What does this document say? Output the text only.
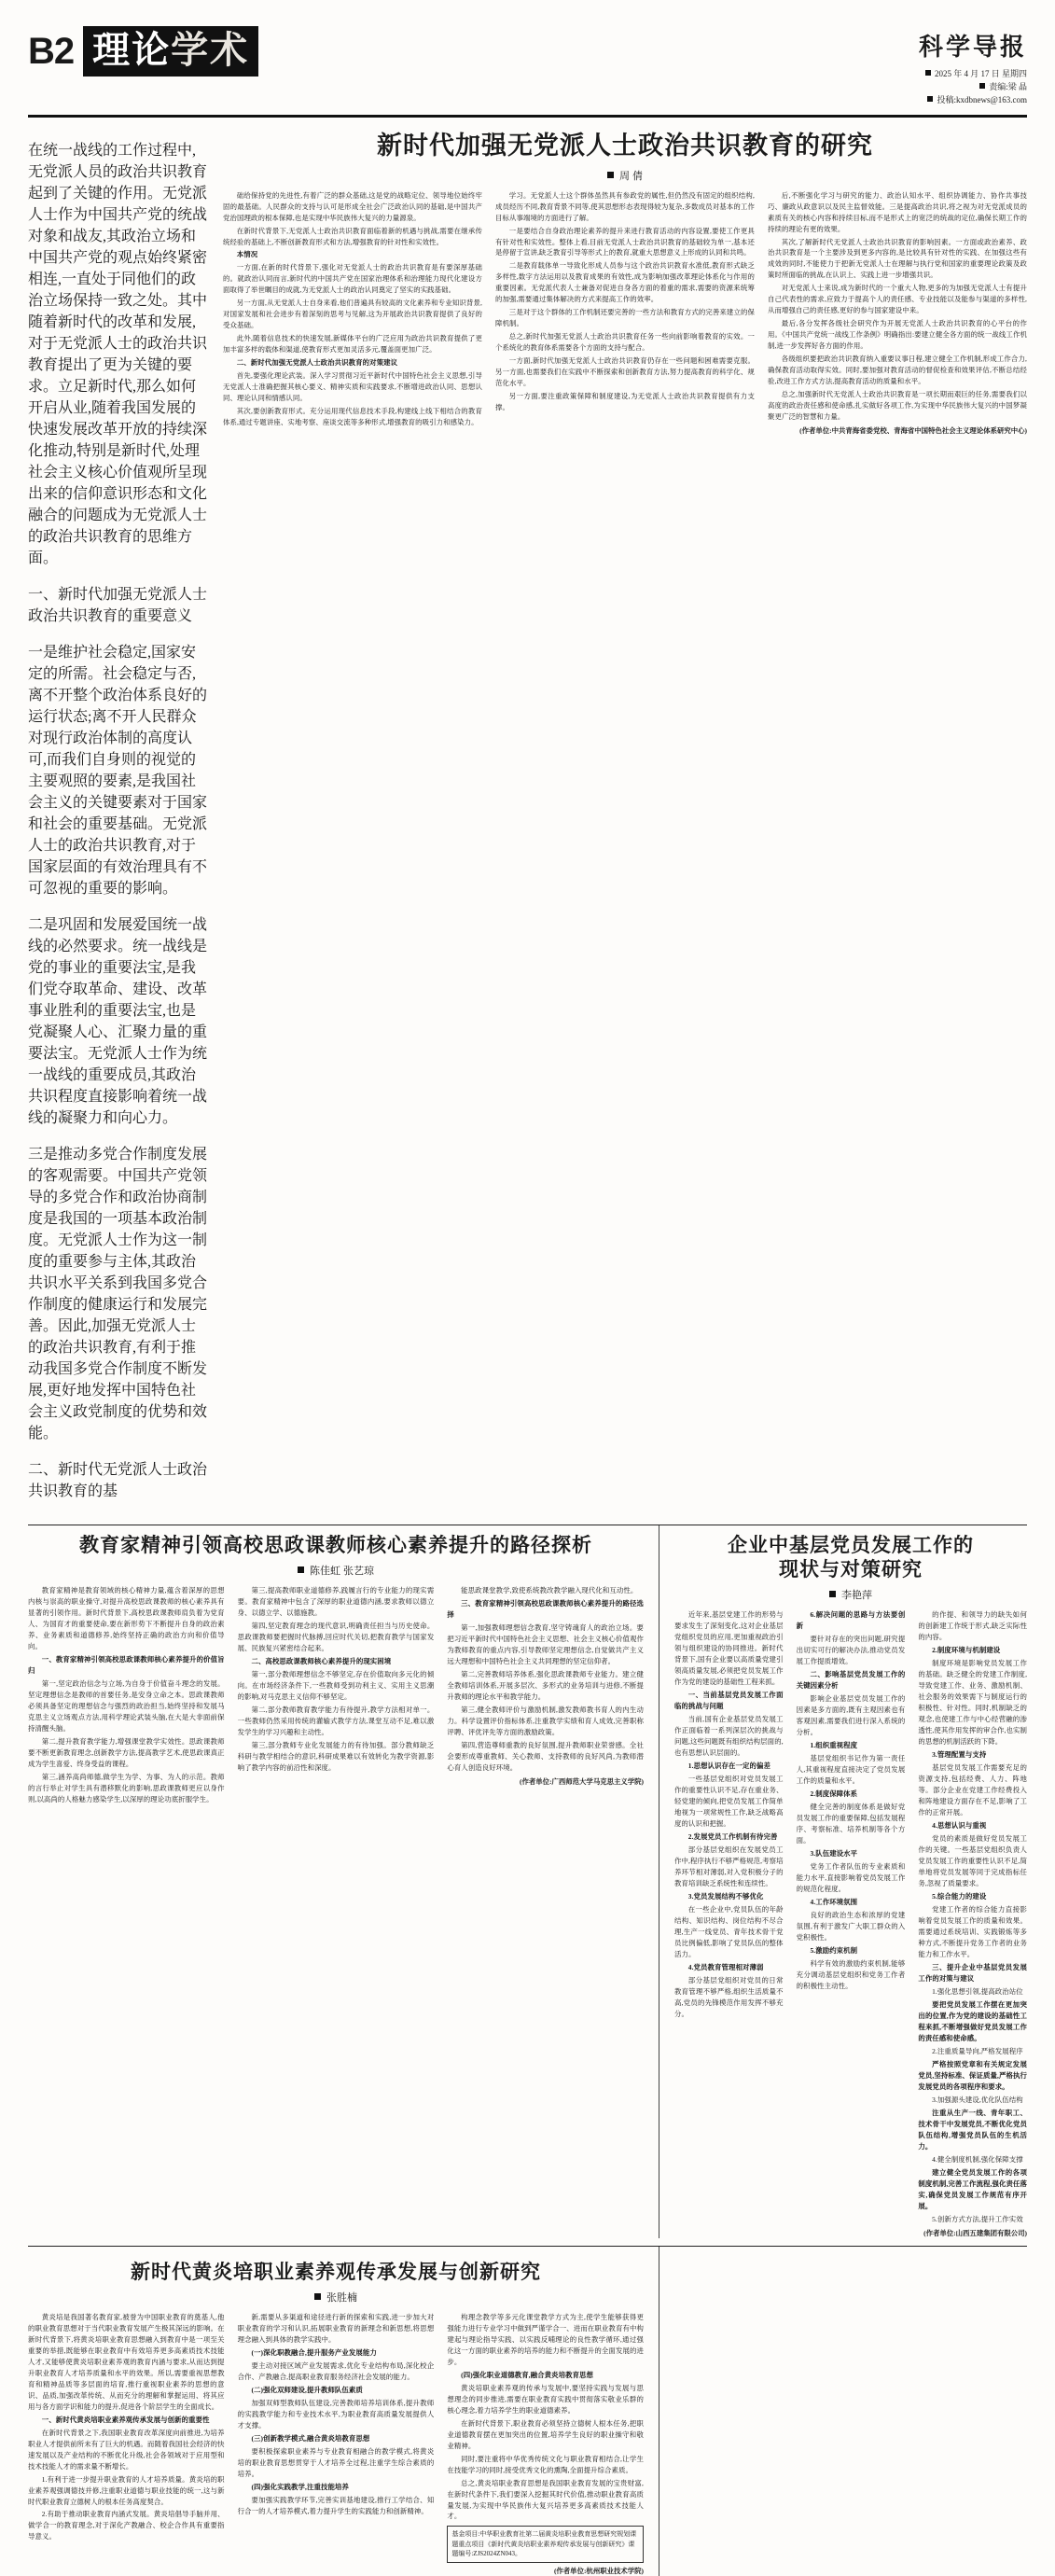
B2 理论学术	科学导报
2025 年 4 月 17 日 星期四
责编:梁 晶
投稿:kxdbnews@163.com

在统一战线的工作过程中,无党派人员的政治共识教育起到了关键的作用。无党派人士作为中国共产党的统战对象和战友,其政治立场和中国共产党的观点始终紧密相连,一直处于同他们的政治立场保持一致之处。其中随着新时代的改革和发展,对于无党派人士的政治共识教育提出了更为关键的要求。立足新时代,那么如何开启从业,随着我国发展的快速发展改革开放的持续深化推动,特别是新时代,处理社会主义核心价值观所呈现出来的信仰意识形态和文化融合的问题成为无党派人士的政治共识教育的思维方面。

一、新时代加强无党派人士政治共识教育的重要意义

一是维护社会稳定,国家安定的所需。社会稳定与否,离不开整个政治体系良好的运行状态;离不开人民群众对现行政治体制的高度认可,而我们自身则的视觉的主要观照的要素,是我国社会主义的关键要素对于国家和社会的重要基础。无党派人士的政治共识教育,对于国家层面的有效治理具有不可忽视的重要的影响。

二是巩固和发展爱国统一战线的必然要求。统一战线是党的事业的重要法宝,是我们党夺取革命、建设、改革事业胜利的重要法宝,也是党凝聚人心、汇聚力量的重要法宝。无党派人士作为统一战线的重要成员,其政治共识程度直接影响着统一战线的凝聚力和向心力。

三是推动多党合作制度发展的客观需要。中国共产党领导的多党合作和政治协商制度是我国的一项基本政治制度。无党派人士作为这一制度的重要参与主体,其政治共识水平关系到我国多党合作制度的健康运行和发展完善。因此,加强无党派人士的政治共识教育,有利于推动我国多党合作制度不断发展,更好地发挥中国特色社会主义政党制度的优势和效能。

二、新时代无党派人士政治共识教育的基

新时代加强无党派人士政治共识教育的研究
周 倩

础给保持党的先进性,有着广泛的群众基础,这是党的战略定位、领导地位始终牢固的最基础。人民群众的支持与认可是形成全社会广泛政治认同的基础,是中国共产党治国理政的根本保障,也是实现中华民族伟大复兴的力量源泉。

在新时代背景下,无党派人士政治共识教育面临着新的机遇与挑战,需要在继承传统经验的基础上,不断创新教育形式和方法,增强教育的针对性和实效性。

本情况

一方面,在新的时代背景下,强化对无党派人士的政治共识教育是有要深厚基础的。就政治认同而言,新时代的中国共产党在国家治理体系和治理能力现代化建设方面取得了举世瞩目的成就,为无党派人士的政治认同奠定了坚实的实践基础。

另一方面,从无党派人士自身来看,他们普遍具有较高的文化素养和专业知识背景,对国家发展和社会进步有着深刻的思考与见解,这为开展政治共识教育提供了良好的受众基础。

此外,随着信息技术的快速发展,新媒体平台的广泛应用为政治共识教育提供了更加丰富多样的载体和渠道,使教育形式更加灵活多元,覆盖面更加广泛。

二、新时代加强无党派人士政治共识教育的对策建议

首先,要强化理论武装。深入学习贯彻习近平新时代中国特色社会主义思想,引导无党派人士准确把握其核心要义、精神实质和实践要求,不断增进政治认同、思想认同、理论认同和情感认同。

其次,要创新教育形式。充分运用现代信息技术手段,构建线上线下相结合的教育体系,通过专题讲座、实地考察、座谈交流等多种形式,增强教育的吸引力和感染力。

学习。无党派人士这个群体虽然具有参政党的属性,但仍然没有固定的组织结构,成员经历不同,教育背景不同等,使其思想形态表现得较为复杂,多数成员对基本的工作目标从事端境的方面进行了解。

一是要结合自身政治理论素养的提升来进行教育活动的内容设置,要使工作更具有针对性和实效性。整体上看,目前无党派人士政治共识教育的基础较为单一,基本还是停留于宣讲,缺乏教育引导等形式上的教育,就重大思想意义上形成的认同和共鸣。

二是教育载体单一导致化形成人员参与这个政治共识教育水准低,教育形式缺乏多样性,数字方法运用以及教育成果的有效性,成为影响加强改革理论体系化与作用的重要因素。无党派代表人士兼备对促进自身各方面的着重的需求,需要的资源来统筹的加强,需要通过集体解决的方式来提高工作的效率。

三是对于这个群体的工作机制还要完善的一些方法和教育方式的完善来建立的保障机制。

总之,新时代加强无党派人士政治共识教育任务一些向前影响着教育的实效。一个系统化的教育体系需要各个方面的支持与配合。

一方面,新时代加强无党派人士政治共识教育仍存在一些问题和困难需要克服。另一方面,也需要我们在实践中不断探索和创新教育方法,努力提高教育的科学化、规范化水平。

另一方面,要注重政策保障和制度建设,为无党派人士政治共识教育提供有力支撑。

后,不断强化学习与研究的能力、政治认知水平、组织协调能力、协作共事技巧、廉政从政意识以及民主监督效能。三是提高政治共识,将之视为对无党派成员的素质有关的核心内容和持续目标,而不是形式上的宽泛的统战的定位,确保长期工作的持续的理论有更的效果。

其次,了解新时代无党派人士政治共识教育的影响因素。一方面或政治素养、政治共识教育是一个主要涉及到更多内容的,是比较具有针对性的实践、在加强这些有成效的同时,不能使力于把新无党派人士在理解与执行党和国家的重要理论政策及政策时所面临的挑战,在认识上、实践上进一步增强共识。

对无党派人士来说,成为新时代的一个重大人物,更多的为加强无党派人士有提升自己代表性的需求,应致力于提高个人的责任感、专业技能以及能参与渠道的多样性,从而增强自己的责任感,更好的参与国家建设中来。

最后,各分发挥各级社会研究作为开展无党派人士政治共识教育的心平台的作用。《中国共产党统一战线工作条例》明确指出:要建立健全各方面的统一战线工作机制,进一步发挥好各方面的作用。

各级组织要把政治共识教育纳入重要议事日程,建立健全工作机制,形成工作合力,确保教育活动取得实效。同时,要加强对教育活动的督促检查和效果评估,不断总结经验,改进工作方式方法,提高教育活动的质量和水平。

总之,加强新时代无党派人士政治共识教育是一项长期而艰巨的任务,需要我们以高度的政治责任感和使命感,扎实做好各项工作,为实现中华民族伟大复兴的中国梦凝聚更广泛的智慧和力量。

(作者单位:中共青海省委党校、青海省中国特色社会主义理论体系研究中心)
教育家精神引领高校思政课教师核心素养提升的路径探析
陈佳虹 张艺琼

教育家精神是教育领域的核心精神力量,蕴含着深厚的思想内核与崇高的职业操守,对提升高校思政课教师的核心素养具有显著的引领作用。新时代背景下,高校思政课教师肩负着为党育人、为国育才的重要使命,要在新形势下不断提升自身的政治素养、业务素质和道德修养,始终坚持正确的政治方向和价值导向。

一、教育家精神引领高校思政课教师核心素养提升的价值旨归

第一,坚定政治信念与立场,为自身于价值奋斗理念的发展。坚定理想信念是教师的首要任务,是安身立命之本。思政课教师必须具备坚定的理想信念与强烈的政治担当,始终坚持和发展马克思主义立场观点方法,用科学理论武装头脑,在大是大非面前保持清醒头脑。

第二,提升教育教学能力,增强课堂教学实效性。思政课教师要不断更新教育理念,创新教学方法,提高教学艺术,使思政课真正成为学生喜爱、终身受益的课程。

第三,涵养高尚师德,做学生为学、为事、为人的示范。教师的言行举止对学生具有潜移默化的影响,思政课教师更应以身作则,以高尚的人格魅力感染学生,以深厚的理论功底折服学生。

第三,提高教师职业道德修养,践履言行的专业能力的现实需要。教育家精神中包含了深厚的职业道德内涵,要求教师以德立身、以德立学、以德施教。

第四,坚定教育理念的现代意识,明确责任担当与历史使命。思政课教师要把握时代脉搏,回应时代关切,把教育教学与国家发展、民族复兴紧密结合起来。

二、高校思政课教师核心素养提升的现实困境

第一,部分教师理想信念不够坚定,存在价值取向多元化的倾向。在市场经济条件下,一些教师受到功利主义、实用主义思潮的影响,对马克思主义信仰不够坚定。

第二,部分教师教育教学能力有待提升,教学方法相对单一。一些教师仍然采用传统的灌输式教学方法,课堂互动不足,难以激发学生的学习兴趣和主动性。

第三,部分教师专业化发展能力的有待加强。部分教师缺乏科研与教学相结合的意识,科研成果难以有效转化为教学资源,影响了教学内容的前沿性和深度。

能思政课堂教学,致使系统教改教学融入现代化和互动性。

三、教育家精神引领高校思政课教师核心素养提升的路径选择

第一,加强教师理想信念教育,坚守铸魂育人的政治立场。要把习近平新时代中国特色社会主义思想、社会主义核心价值观作为教师教育的重点内容,引导教师坚定理想信念,自觉做共产主义远大理想和中国特色社会主义共同理想的坚定信仰者。

第二,完善教师培养体系,强化思政课教师专业能力。建立健全教师培训体系,开展多层次、多形式的业务培训与进修,不断提升教师的理论水平和教学能力。

第三,健全教师评价与激励机制,激发教师教书育人的内生动力。科学设置评价指标体系,注重教学实绩和育人成效,完善职称评聘、评优评先等方面的激励政策。

第四,营造尊师重教的良好氛围,提升教师职业荣誉感。全社会要形成尊重教师、关心教师、支持教师的良好风尚,为教师潜心育人创造良好环境。

(作者单位:广西师范大学马克思主义学院)
企业中基层党员发展工作的
现状与对策研究
李艳萍

近年来,基层党建工作的形势与要求发生了深刻变化,这对企业基层党组织党员的应用,更加重视政治引领与组织建设的协同推进。新时代背景下,国有企业要以高质量党建引领高质量发展,必须把党员发展工作作为党的建设的基础性工程来抓。

一、当前基层党员发展工作面临的挑战与问题

当前,国有企业基层党员发展工作正面临着一系列深层次的挑战与问题,这些问题既有组织结构层面的,也有思想认识层面的。

1.思想认识存在一定的偏差

一些基层党组织对党员发展工作的重要性认识不足,存在重业务、轻党建的倾向,把党员发展工作简单地视为一项常规性工作,缺乏战略高度的认识和把握。

2.发展党员工作机制有待完善

部分基层党组织在发展党员工作中,程序执行不够严格规范,考察培养环节相对薄弱,对入党积极分子的教育培训缺乏系统性和连续性。

3.党员发展结构不够优化

在一些企业中,党员队伍的年龄结构、知识结构、岗位结构不尽合理,生产一线党员、青年技术骨干党员比例偏低,影响了党员队伍的整体活力。

4.党员教育管理相对薄弱

部分基层党组织对党员的日常教育管理不够严格,组织生活质量不高,党员的先锋模范作用发挥不够充分。

6.解决问题的思路与方法要创新

要针对存在的突出问题,研究提出切实可行的解决办法,推动党员发展工作提质增效。

二、影响基层党员发展工作的关键因素分析

影响企业基层党员发展工作的因素是多方面的,既有主观因素也有客观因素,需要我们进行深入系统的分析。

1.组织重视程度

基层党组织书记作为第一责任人,其重视程度直接决定了党员发展工作的质量和水平。

2.制度保障体系

健全完善的制度体系是做好党员发展工作的重要保障,包括发展程序、考察标准、培养机制等各个方面。

3.队伍建设水平

党务工作者队伍的专业素质和能力水平,直接影响着党员发展工作的规范化程度。

4.工作环境氛围

良好的政治生态和浓厚的党建氛围,有利于激发广大职工群众的入党积极性。

5.激励约束机制

科学有效的激励约束机制,能够充分调动基层党组织和党务工作者的积极性主动性。

的作提、和领导力的缺失如何的创新建工作统于形式,缺乏实际性的内容。

2.制度环境与机制建设

制度环境是影响党员发展工作的基础。缺乏健全的党建工作制度,导致党建工作、业务、激励机制、社会服务的效果需下与制度运行的积极性、针对性。同时,机制缺乏的观念,也使建工作与中心经营融的渗透性,使其作用发挥的审合作,也实制的思想的机制活跃的下降。

3.管理配置与支持

基层党员发展工作需要充足的资源支持,包括经费、人力、阵地等。部分企业在党建工作经费投入和阵地建设方面存在不足,影响了工作的正常开展。

4.思想认识与重视

党员的素质是做好党员发展工作的关键。一些基层党组织负责人党员发展工作的重要性认识不足,简单地将党员发展等同于完成指标任务,忽视了质量要求。

5.综合能力的建设

党建工作者的综合能力直接影响着党员发展工作的质量和效果。需要通过系统培训、实践锻炼等多种方式,不断提升党务工作者的业务能力和工作水平。

三、提升企业中基层党员发展工作的对策与建议

1.强化思想引领,提高政治站位

要把党员发展工作摆在更加突出的位置,作为党的建设的基础性工程来抓,不断增强做好党员发展工作的责任感和使命感。

2.注重质量导向,严格发展程序

严格按照党章和有关规定发展党员,坚持标准、保证质量,严格执行发展党员的各项程序和要求。

3.加强源头建设,优化队伍结构

注重从生产一线、青年职工、技术骨干中发展党员,不断优化党员队伍结构,增强党员队伍的生机活力。

4.健全制度机制,强化保障支撑

建立健全党员发展工作的各项制度机制,完善工作流程,强化责任落实,确保党员发展工作规范有序开展。

5.创新方式方法,提升工作实效

(作者单位:山西五建集团有限公司)
新时代黄炎培职业素养观传承发展与创新研究
张胜楠

黄炎培是我国著名教育家,被誉为中国职业教育的奠基人,他的职业教育思想对于当代职业教育发展产生极其深远的影响。在新时代背景下,将黄炎培职业教育思想融入到教育中是一项至关重要的举措,既能够在职业教育中有效培养更多高素质技术技能人才,又能够使黄炎培职业素养观的教育内涵与要求,从而达到提升职业教育人才培养质量和水平的效果。所以,需要重视思想教育和精神品质等多层面的培育,推行重视职业素养的思想的意识、品质,加强改革传统、从而充分的理解和掌握运用、将其应用与各方面学识和能力的提升,促进各个阶层学生的全面成长。

一、新时代黄炎培职业素养观传承发展与创新的重要性

在新时代背景之下,我国职业教育改革深度向前推进,为培养职业人才提供前所未有了巨大的机遇。而随着我国社会经济的快速发展以及产业结构的不断优化升级,社会各领域对于应用型和技术技能人才的需求量不断增长。

1.有利于进一步提升职业教育的人才培养质量。黄炎培的职业素养观强调德技并修,注重职业道德与职业技能的统一,这与新时代职业教育立德树人的根本任务高度契合。

2.有助于推动职业教育内涵式发展。黄炎培倡导手脑并用、做学合一的教育理念,对于深化产教融合、校企合作具有重要指导意义。

新,需要从多渠道和途径进行新的探索和实践,进一步加大对职业教育的学习和认识,拓展职业教育的新理念和新思想,将思想理念融入到具体的教学实践中。

(一)深化职教融合,提升服务产业发展能力

要主动对接区域产业发展需求,优化专业结构布局,深化校企合作、产教融合,提高职业教育服务经济社会发展的能力。

(二)强化双师建设,提升教师队伍素质

加强双师型教师队伍建设,完善教师培养培训体系,提升教师的实践教学能力和专业技术水平,为职业教育高质量发展提供人才支撑。

(三)创新教学模式,融合黄炎培教育思想

要积极探索职业素养与专业教育相融合的教学模式,将黄炎培的职业教育思想贯穿于人才培养全过程,注重学生综合素质的培养。

(四)强化实践教学,注重技能培养

要加强实践教学环节,完善实训基地建设,推行工学结合、知行合一的人才培养模式,着力提升学生的实践能力和创新精神。

构理念教学等多元化课堂教学方式为主,使学生能够获得更强能力进行专业学习中做到严谨学合一、进而在职业教育有中构建起与理论指导实践、以实践反哺理论的良性教学循环,通过强化这一方面的职业素养的培养的能力和不断提升的全面发展的进步。

(四)强化职业道德教育,融合黄炎培教育思想

黄炎培职业素养观的传承与发展中,要坚持实践与发展与思想理念的同步推进,需要在职业教育实践中贯彻落实敬业乐群的核心理念,着力培养学生的职业道德素养。

在新时代背景下,职业教育必须坚持立德树人根本任务,把职业道德教育摆在更加突出的位置,培养学生良好的职业操守和敬业精神。

同时,要注重将中华优秀传统文化与职业教育相结合,让学生在技能学习的同时,接受优秀文化的熏陶,全面提升综合素质。

总之,黄炎培职业教育思想是我国职业教育发展的宝贵财富,在新时代条件下,我们要深入挖掘其时代价值,推动职业教育高质量发展,为实现中华民族伟大复兴培养更多高素质技术技能人才。

基金项目:中华职业教育社第二届黄炎培职业教育思想研究规划课题重点项目《新时代黄炎培职业素养观传承发展与创新研究》课题编号:ZJS2024ZN043。
(作者单位:杭州职业技术学院)
